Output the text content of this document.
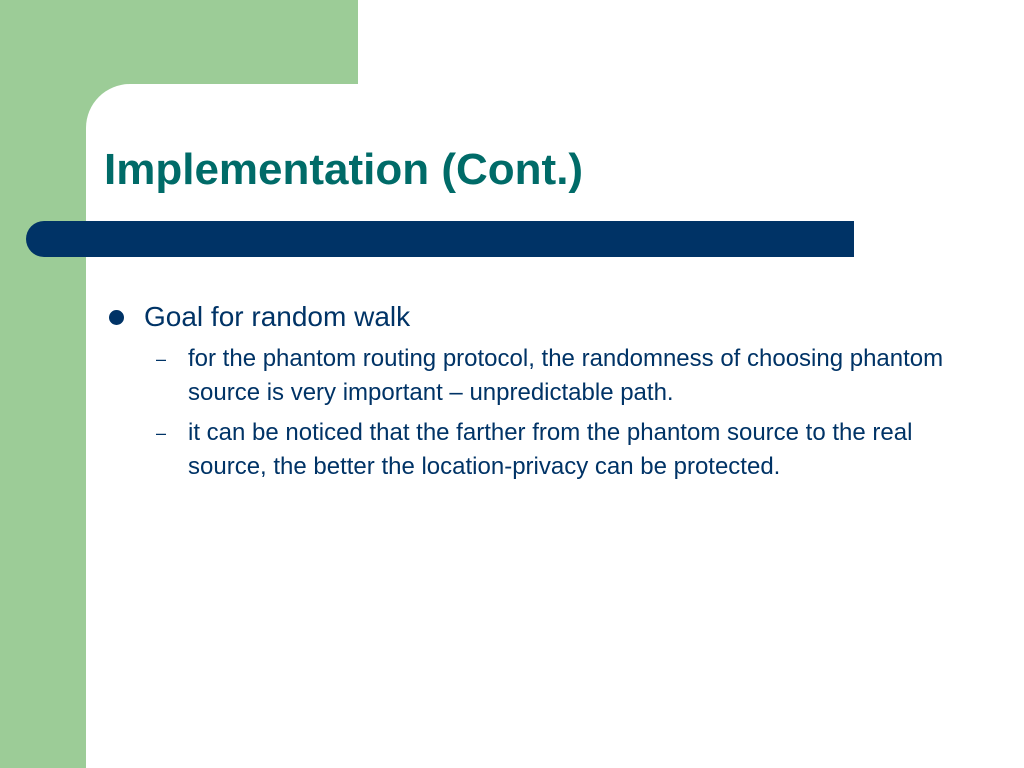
Implementation (Cont.)
Goal for random walk
– for the phantom routing protocol, the randomness of choosing phantom source is very important – unpredictable path.
– it can be noticed that the farther from the phantom source to the real source, the better the location-privacy can be protected.
